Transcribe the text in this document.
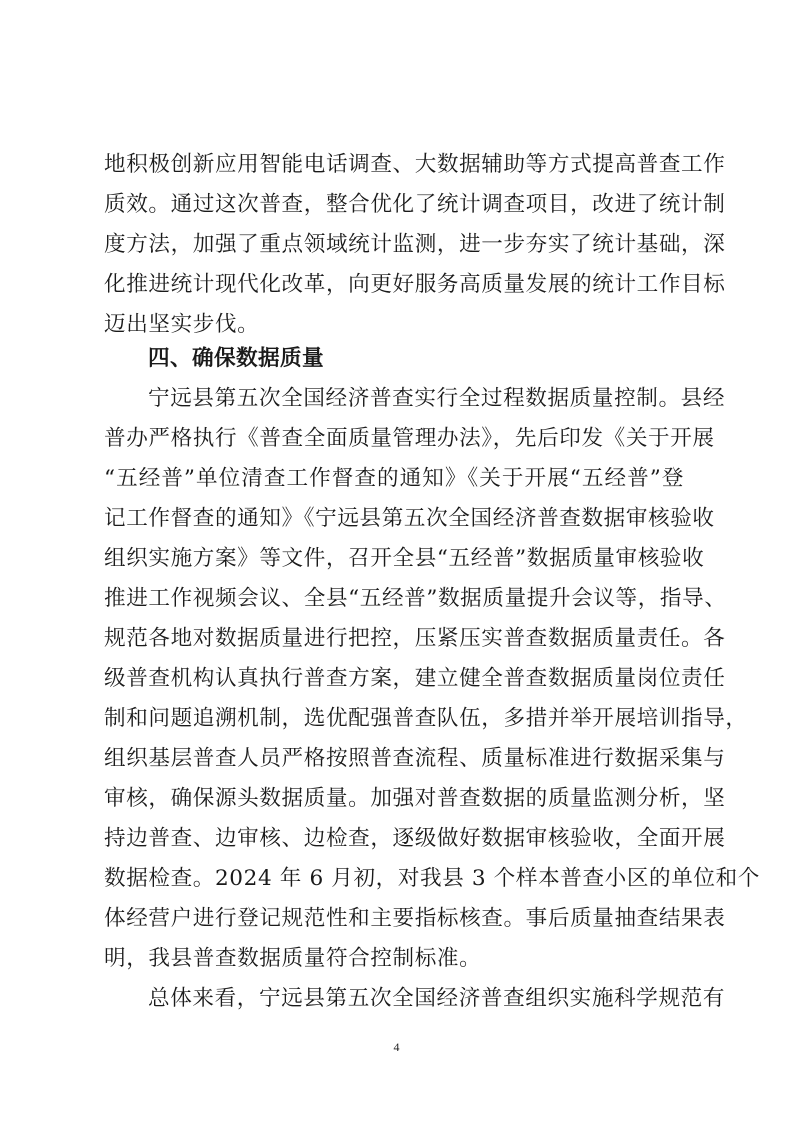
地积极创新应用智能电话调查、大数据辅助等方式提高普查工作
质效。通过这次普查，整合优化了统计调查项目，改进了统计制
度方法，加强了重点领域统计监测，进一步夯实了统计基础，深
化推进统计现代化改革，向更好服务高质量发展的统计工作目标
迈出坚实步伐。
四、确保数据质量
宁远县第五次全国经济普查实行全过程数据质量控制。县经
普办严格执行《普查全面质量管理办法》，先后印发《关于开展
“五经普”单位清查工作督查的通知》《关于开展“五经普”登
记工作督查的通知》《宁远县第五次全国经济普查数据审核验收
组织实施方案》等文件，召开全县“五经普”数据质量审核验收
推进工作视频会议、全县“五经普”数据质量提升会议等，指导、
规范各地对数据质量进行把控，压紧压实普查数据质量责任。各
级普查机构认真执行普查方案，建立健全普查数据质量岗位责任
制和问题追溯机制，选优配强普查队伍，多措并举开展培训指导，
组织基层普查人员严格按照普查流程、质量标准进行数据采集与
审核，确保源头数据质量。加强对普查数据的质量监测分析，坚
持边普查、边审核、边检查，逐级做好数据审核验收，全面开展
数据检查。2024 年 6 月初，对我县 3 个样本普查小区的单位和个
体经营户进行登记规范性和主要指标核查。事后质量抽查结果表
明，我县普查数据质量符合控制标准。
总体来看，宁远县第五次全国经济普查组织实施科学规范有
4
